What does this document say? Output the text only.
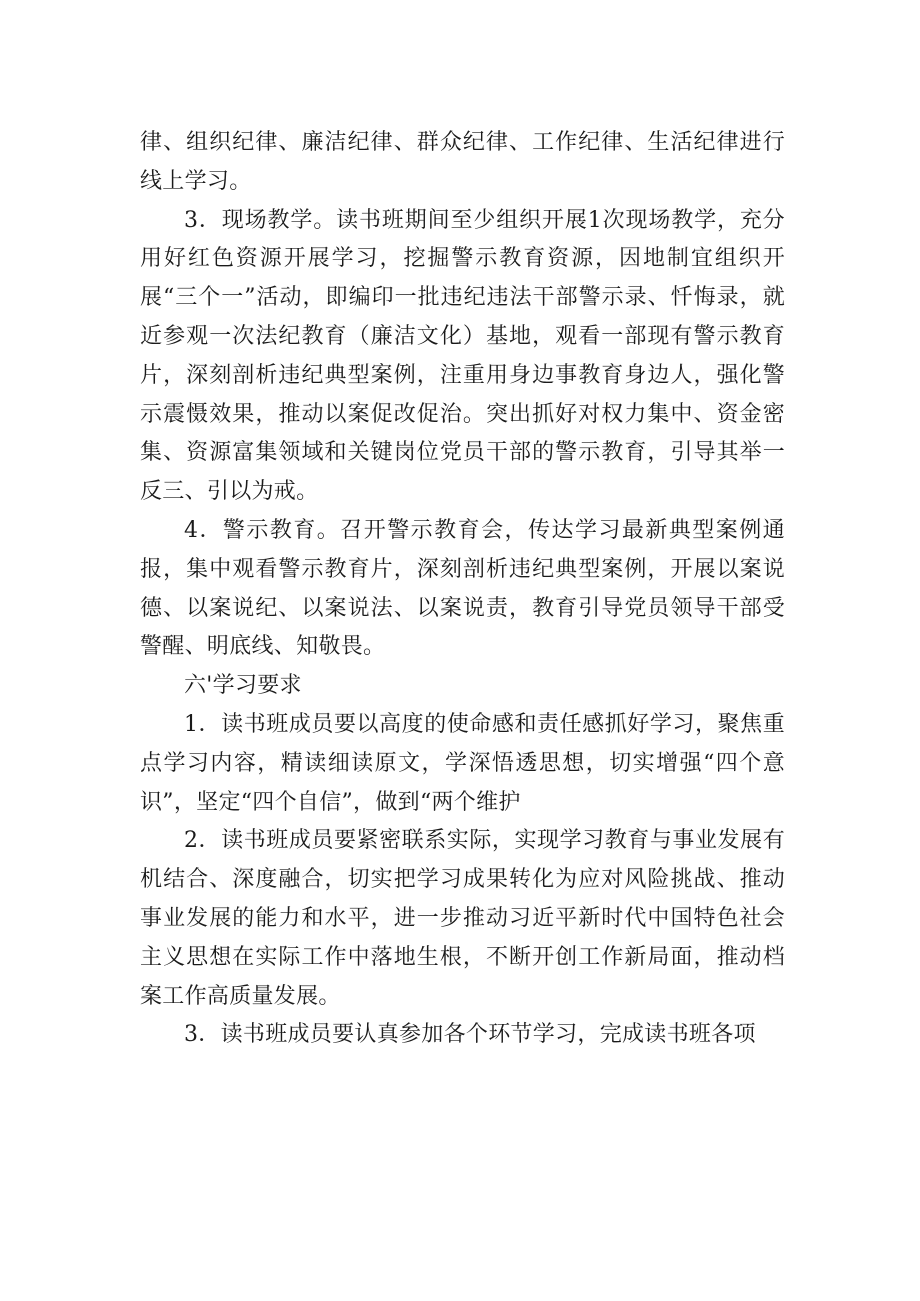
律、组织纪律、廉洁纪律、群众纪律、工作纪律、生活纪律进行线上学习。

3．现场教学。读书班期间至少组织开展1次现场教学，充分用好红色资源开展学习，挖掘警示教育资源，因地制宜组织开展“三个一”活动，即编印一批违纪违法干部警示录、忏悔录，就近参观一次法纪教育（廉洁文化）基地，观看一部现有警示教育片，深刻剖析违纪典型案例，注重用身边事教育身边人，强化警示震慑效果，推动以案促改促治。突出抓好对权力集中、资金密集、资源富集领域和关键岗位党员干部的警示教育，引导其举一反三、引以为戒。

4．警示教育。召开警示教育会，传达学习最新典型案例通报，集中观看警示教育片，深刻剖析违纪典型案例，开展以案说德、以案说纪、以案说法、以案说责，教育引导党员领导干部受警醒、明底线、知敬畏。

六'学习要求

1．读书班成员要以高度的使命感和责任感抓好学习，聚焦重点学习内容，精读细读原文，学深悟透思想，切实增强“四个意识”，坚定“四个自信”，做到“两个维护

2．读书班成员要紧密联系实际，实现学习教育与事业发展有机结合、深度融合，切实把学习成果转化为应对风险挑战、推动事业发展的能力和水平，进一步推动习近平新时代中国特色社会主义思想在实际工作中落地生根，不断开创工作新局面，推动档案工作高质量发展。

3．读书班成员要认真参加各个环节学习，完成读书班各项
